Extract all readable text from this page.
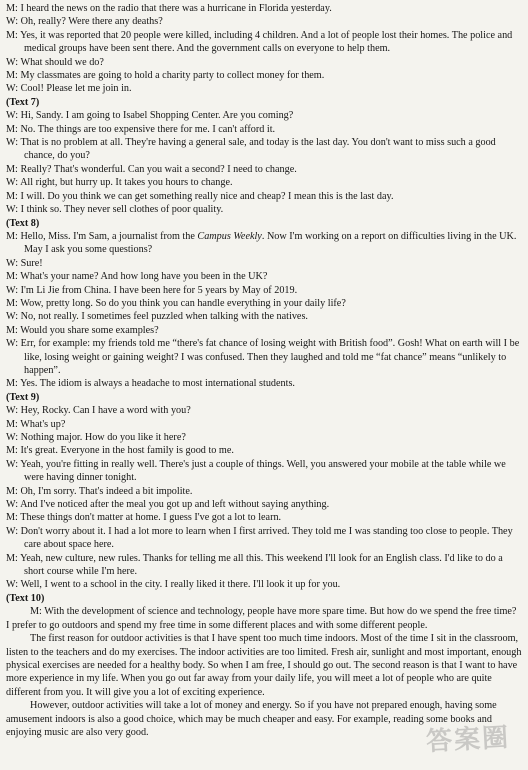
M: I heard the news on the radio that there was a hurricane in Florida yesterday.

W: Oh, really? Were there any deaths?

M: Yes, it was reported that 20 people were killed, including 4 children. And a lot of people lost their homes. The police and medical groups have been sent there. And the government calls on everyone to help them.

W: What should we do?

M: My classmates are going to hold a charity party to collect money for them.

W: Cool! Please let me join in.

(Text 7)

W: Hi, Sandy. I am going to Isabel Shopping Center. Are you coming?

M: No. The things are too expensive there for me. I can't afford it.

W: That is no problem at all. They're having a general sale, and today is the last day. You don't want to miss such a good chance, do you?

M: Really? That's wonderful. Can you wait a second? I need to change.

W: All right, but hurry up. It takes you hours to change.

M: I will. Do you think we can get something really nice and cheap? I mean this is the last day.

W: I think so. They never sell clothes of poor quality.

(Text 8)

M: Hello, Miss. I'm Sam, a journalist from the Campus Weekly. Now I'm working on a report on difficulties living in the UK. May I ask you some questions?

W: Sure!

M: What's your name? And how long have you been in the UK?

W: I'm Li Jie from China. I have been here for 5 years by May of 2019.

M: Wow, pretty long. So do you think you can handle everything in your daily life?

W: No, not really. I sometimes feel puzzled when talking with the natives.

M: Would you share some examples?

W: Err, for example: my friends told me “there's fat chance of losing weight with British food”. Gosh! What on earth will I be like, losing weight or gaining weight? I was confused. Then they laughed and told me “fat chance” means “unlikely to happen”.

M: Yes. The idiom is always a headache to most international students.

(Text 9)

W: Hey, Rocky. Can I have a word with you?

M: What's up?

W: Nothing major. How do you like it here?

M: It's great. Everyone in the host family is good to me.

W: Yeah, you're fitting in really well. There's just a couple of things. Well, you answered your mobile at the table while we were having dinner tonight.

M: Oh, I'm sorry. That's indeed a bit impolite.

W: And I've noticed after the meal you got up and left without saying anything.

M: These things don't matter at home. I guess I've got a lot to learn.

W: Don't worry about it. I had a lot more to learn when I first arrived. They told me I was standing too close to people. They care about space here.

M: Yeah, new culture, new rules. Thanks for telling me all this. This weekend I'll look for an English class. I'd like to do a short course while I'm here.

W: Well, I went to a school in the city. I really liked it there. I'll look it up for you.

(Text 10)

M: With the development of science and technology, people have more spare time. But how do we spend the free time? I prefer to go outdoors and spend my free time in some different places and with some different people.

The first reason for outdoor activities is that I have spent too much time indoors. Most of the time I sit in the classroom, listen to the teachers and do my exercises. The indoor activities are too limited. Fresh air, sunlight and most important, enough physical exercises are needed for a healthy body. So when I am free, I should go out. The second reason is that I want to have more experience in my life. When you go out far away from your daily life, you will meet a lot of people who are quite different from you. It will give you a lot of exciting experience.

However, outdoor activities will take a lot of money and energy. So if you have not prepared enough, having some amusement indoors is also a good choice, which may be much cheaper and easy. For example, reading some books and enjoying music are also very good.	答案圈
